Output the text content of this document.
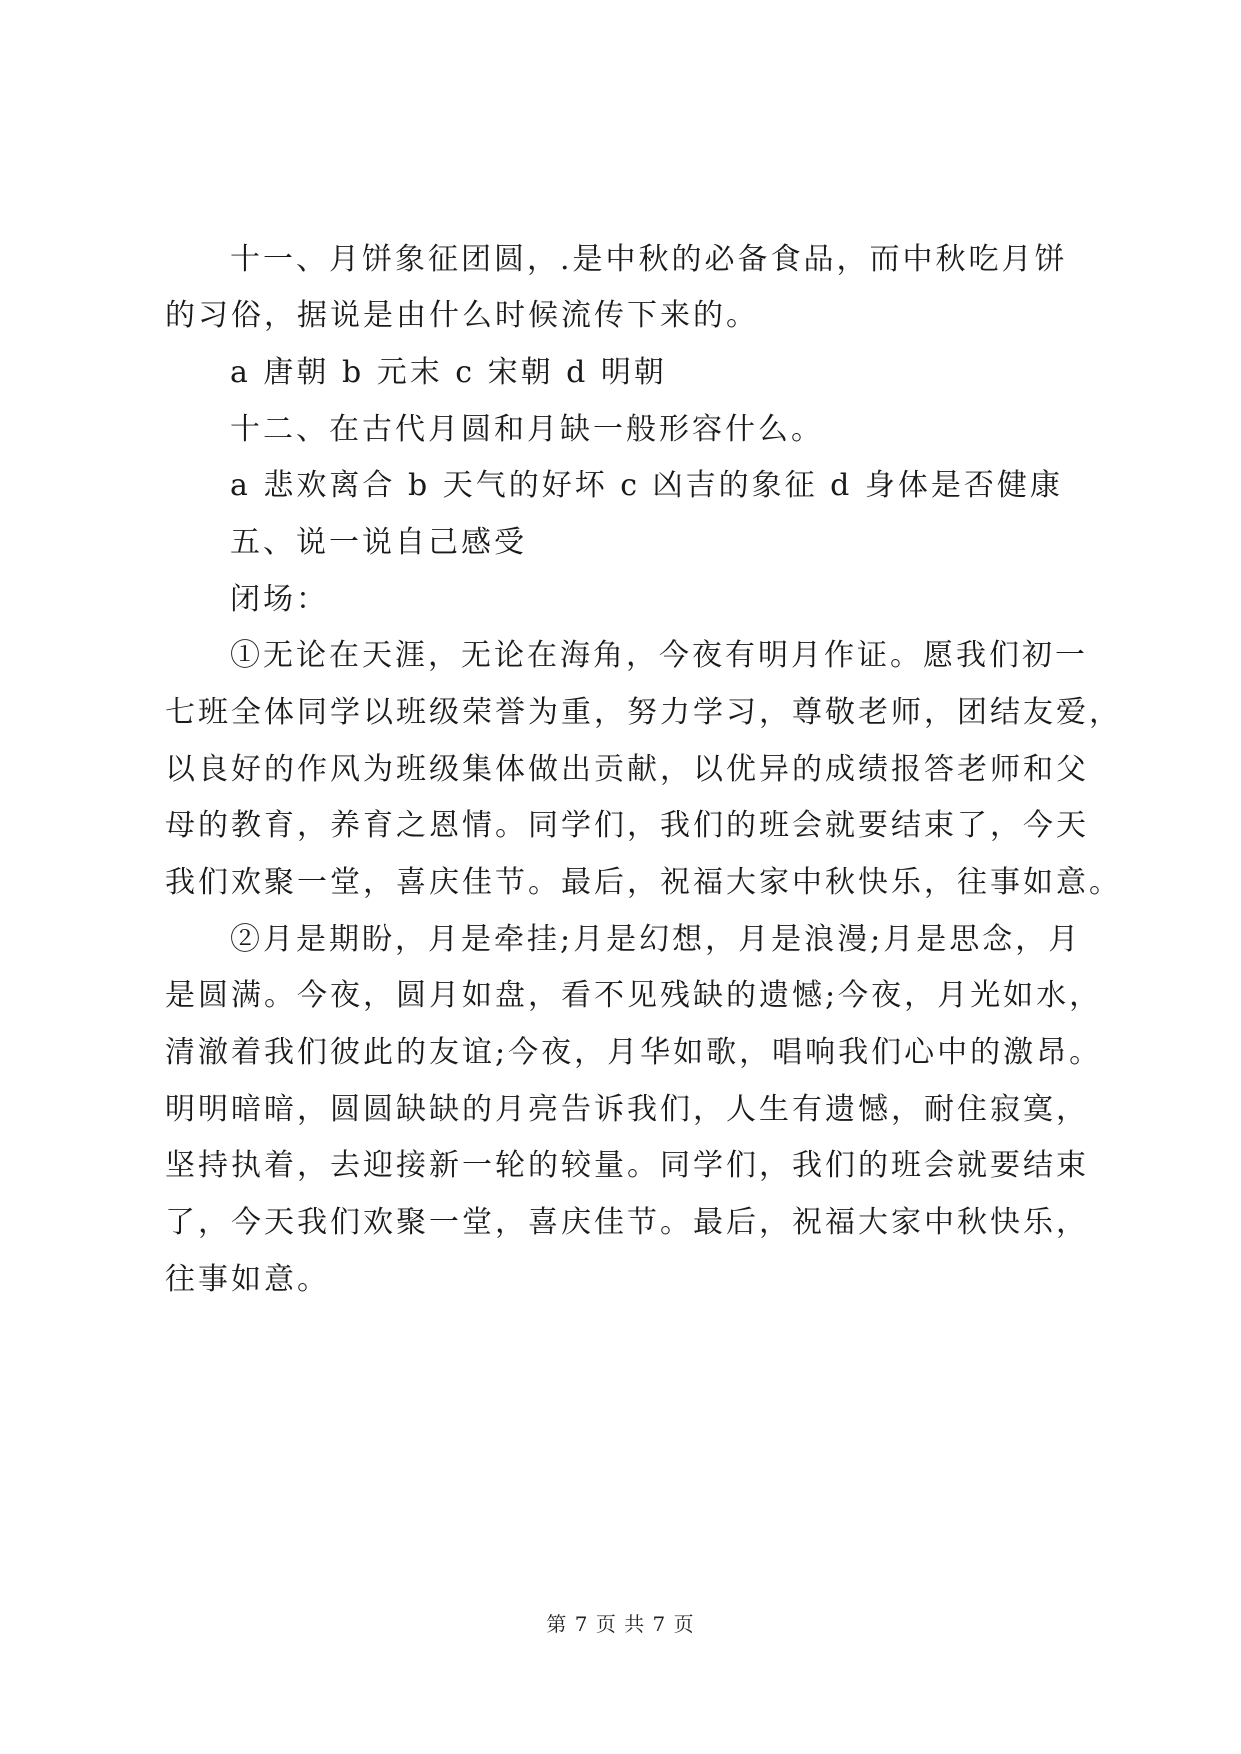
十一、月饼象征团圆，.是中秋的必备食品，而中秋吃月饼
的习俗，据说是由什么时候流传下来的。
a 唐朝 b 元末 c 宋朝 d 明朝
十二、在古代月圆和月缺一般形容什么。
a 悲欢离合 b 天气的好坏 c 凶吉的象征 d 身体是否健康
五、说一说自己感受
闭场：
①无论在天涯，无论在海角，今夜有明月作证。愿我们初一
七班全体同学以班级荣誉为重，努力学习，尊敬老师，团结友爱，
以良好的作风为班级集体做出贡献，以优异的成绩报答老师和父
母的教育，养育之恩情。同学们，我们的班会就要结束了，今天
我们欢聚一堂，喜庆佳节。最后，祝福大家中秋快乐，往事如意。
②月是期盼，月是牵挂;月是幻想，月是浪漫;月是思念，月
是圆满。今夜，圆月如盘，看不见残缺的遗憾;今夜，月光如水，
清澈着我们彼此的友谊;今夜，月华如歌，唱响我们心中的激昂。
明明暗暗，圆圆缺缺的月亮告诉我们，人生有遗憾，耐住寂寞，
坚持执着，去迎接新一轮的较量。同学们，我们的班会就要结束
了，今天我们欢聚一堂，喜庆佳节。最后，祝福大家中秋快乐，
往事如意。
第 7 页 共 7 页
